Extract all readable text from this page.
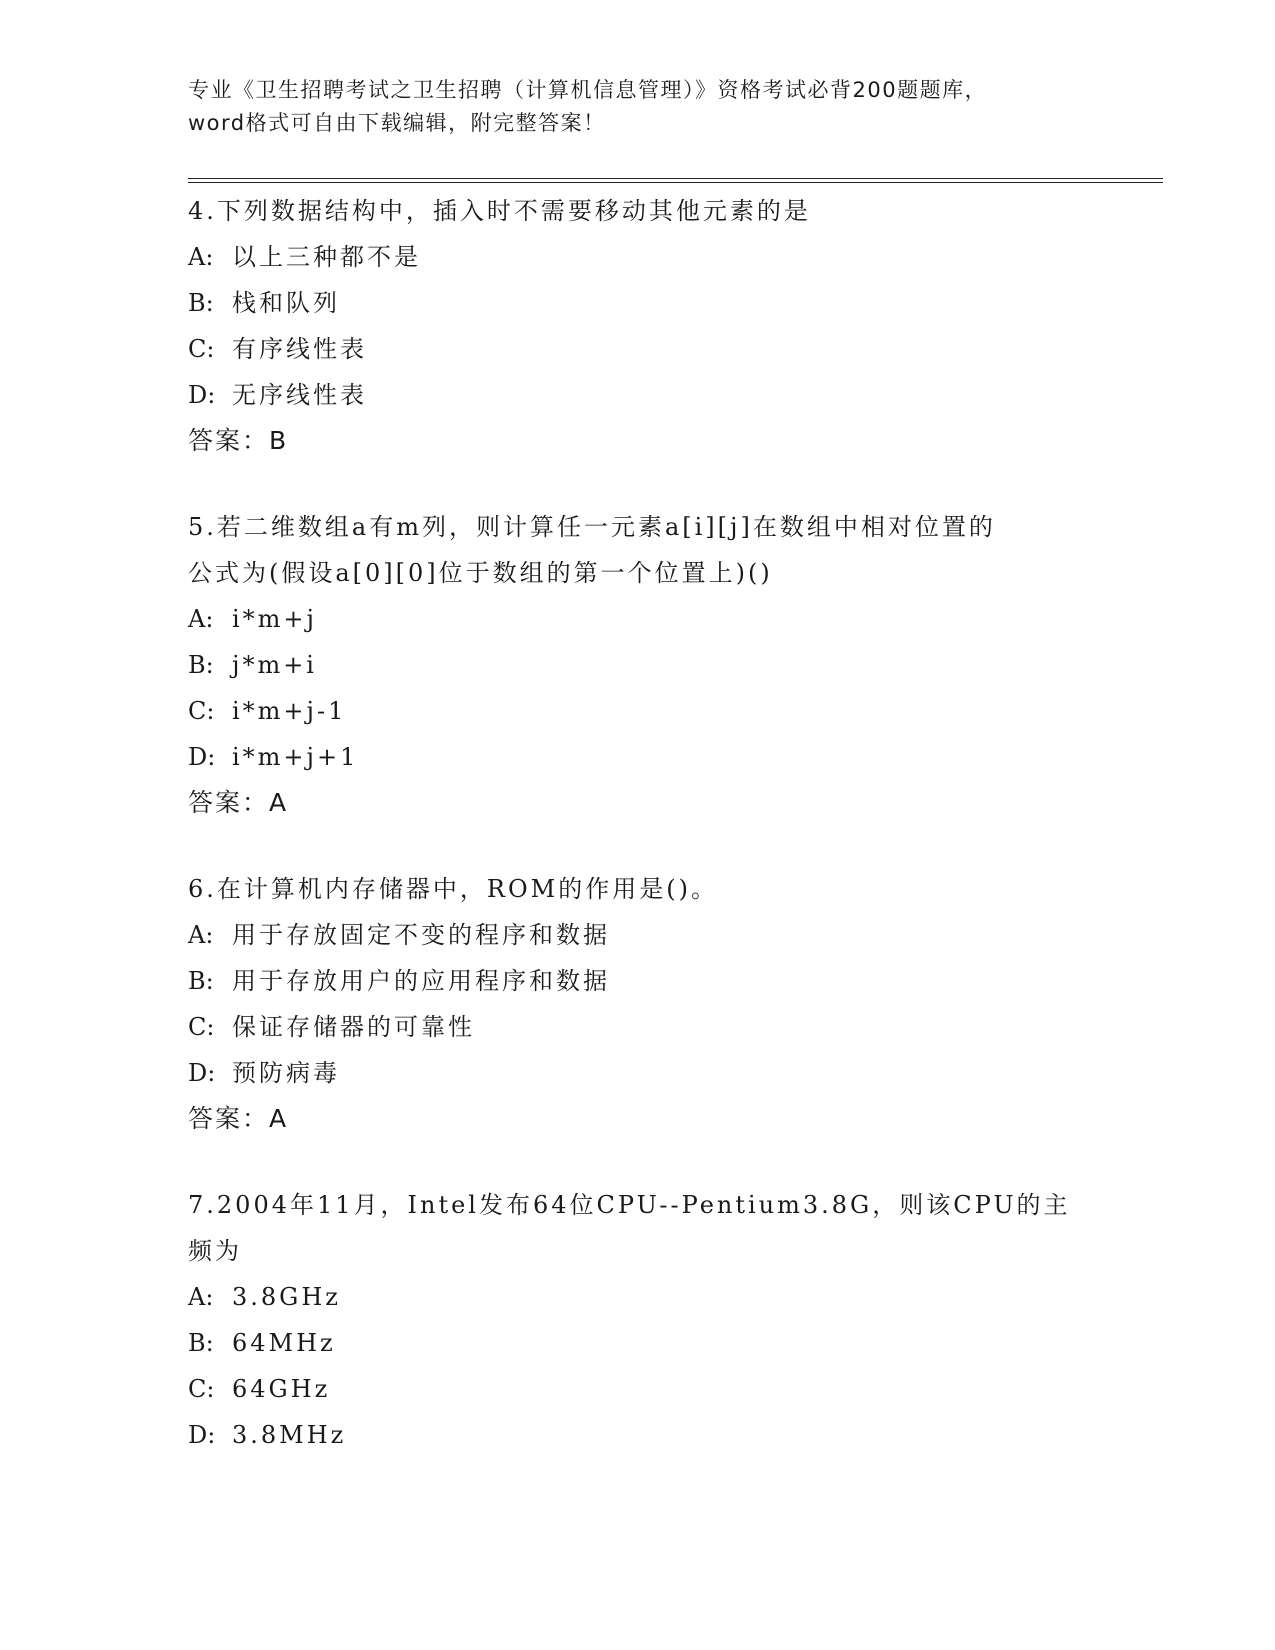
专业《卫生招聘考试之卫生招聘（计算机信息管理）》资格考试必背200题题库，
word格式可自由下载编辑，附完整答案！

4.下列数据结构中，插入时不需要移动其他元素的是

A: 以上三种都不是

B: 栈和队列

C: 有序线性表

D: 无序线性表

答案：B

5.若二维数组a有m列，则计算任一元素a[i][j]在数组中相对位置的

公式为(假设a[0][0]位于数组的第一个位置上)()

A: i*m+j

B: j*m+i

C: i*m+j-1

D: i*m+j+1

答案：A

6.在计算机内存储器中，ROM的作用是()。

A: 用于存放固定不变的程序和数据

B: 用于存放用户的应用程序和数据

C: 保证存储器的可靠性

D: 预防病毒

答案：A

7.2004年11月，Intel发布64位CPU--Pentium3.8G，则该CPU的主

频为

A: 3.8GHz

B: 64MHz

C: 64GHz

D: 3.8MHz
